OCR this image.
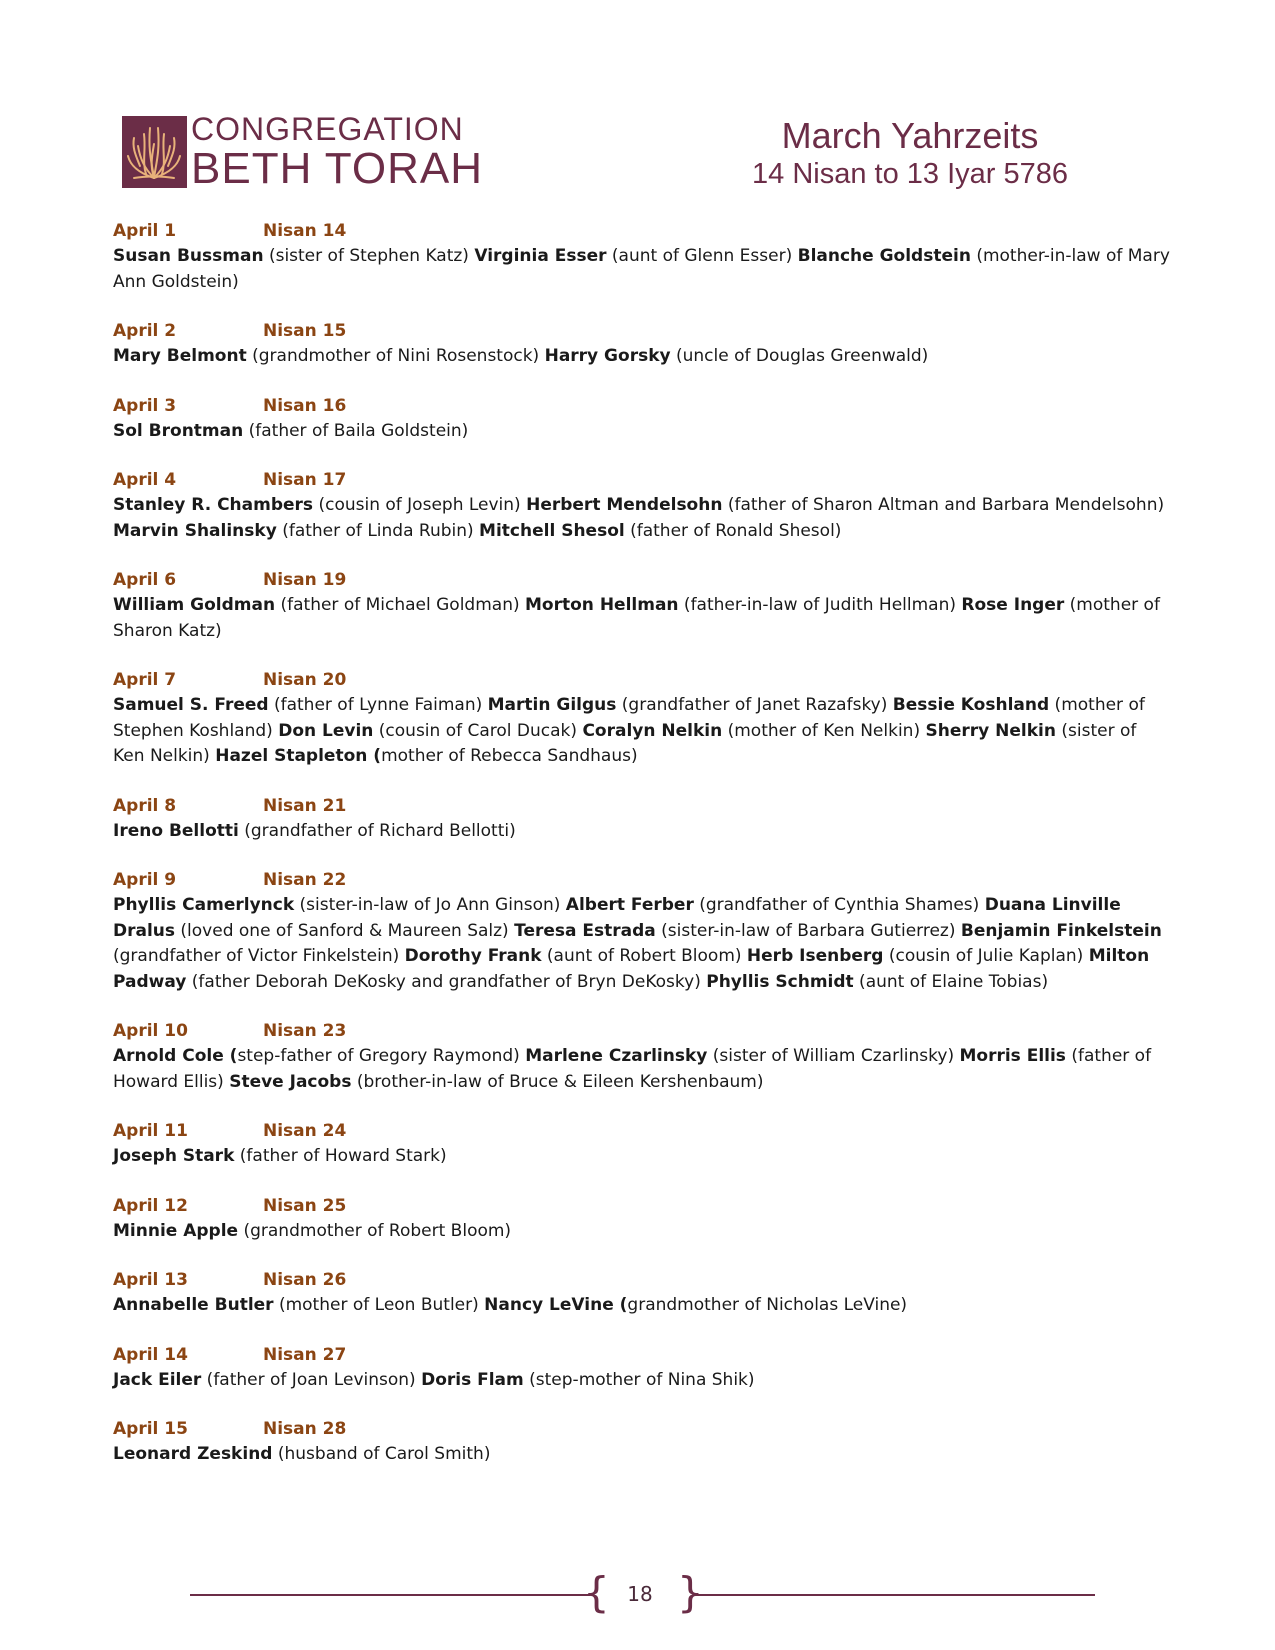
CONGREGATION
BETH TORAH
March Yahrzeits
14 Nisan to 13 Iyar 5786
April 1	Nisan 14
Susan Bussman (sister of Stephen Katz) Virginia Esser (aunt of Glenn Esser) Blanche Goldstein (mother-in-law of Mary Ann Goldstein)
April 2	Nisan 15
Mary Belmont (grandmother of Nini Rosenstock) Harry Gorsky (uncle of Douglas Greenwald)
April 3	Nisan 16
Sol Brontman (father of Baila Goldstein)
April 4	Nisan 17
Stanley R. Chambers (cousin of Joseph Levin) Herbert Mendelsohn (father of Sharon Altman and Barbara Mendelsohn) Marvin Shalinsky (father of Linda Rubin) Mitchell Shesol (father of Ronald Shesol)
April 6	Nisan 19
William Goldman (father of Michael Goldman) Morton Hellman (father-in-law of Judith Hellman) Rose Inger (mother of Sharon Katz)
April 7	Nisan 20
Samuel S. Freed (father of Lynne Faiman) Martin Gilgus (grandfather of Janet Razafsky) Bessie Koshland (mother of Stephen Koshland) Don Levin (cousin of Carol Ducak) Coralyn Nelkin (mother of Ken Nelkin) Sherry Nelkin (sister of Ken Nelkin) Hazel Stapleton (mother of Rebecca Sandhaus)
April 8	Nisan 21
Ireno Bellotti (grandfather of Richard Bellotti)
April 9	Nisan 22
Phyllis Camerlynck (sister-in-law of Jo Ann Ginson) Albert Ferber (grandfather of Cynthia Shames) Duana Linville Dralus (loved one of Sanford & Maureen Salz) Teresa Estrada (sister-in-law of Barbara Gutierrez) Benjamin Finkelstein (grandfather of Victor Finkelstein) Dorothy Frank (aunt of Robert Bloom) Herb Isenberg (cousin of Julie Kaplan) Milton Padway (father Deborah DeKosky and grandfather of Bryn DeKosky) Phyllis Schmidt (aunt of Elaine Tobias)
April 10	Nisan 23
Arnold Cole (step-father of Gregory Raymond) Marlene Czarlinsky (sister of William Czarlinsky) Morris Ellis (father of Howard Ellis) Steve Jacobs (brother-in-law of Bruce & Eileen Kershenbaum)
April 11	Nisan 24
Joseph Stark (father of Howard Stark)
April 12	Nisan 25
Minnie Apple (grandmother of Robert Bloom)
April 13	Nisan 26
Annabelle Butler (mother of Leon Butler) Nancy LeVine (grandmother of Nicholas LeVine)
April 14	Nisan 27
Jack Eiler (father of Joan Levinson) Doris Flam (step-mother of Nina Shik)
April 15	Nisan 28
Leonard Zeskind (husband of Carol Smith)
{ }
18
